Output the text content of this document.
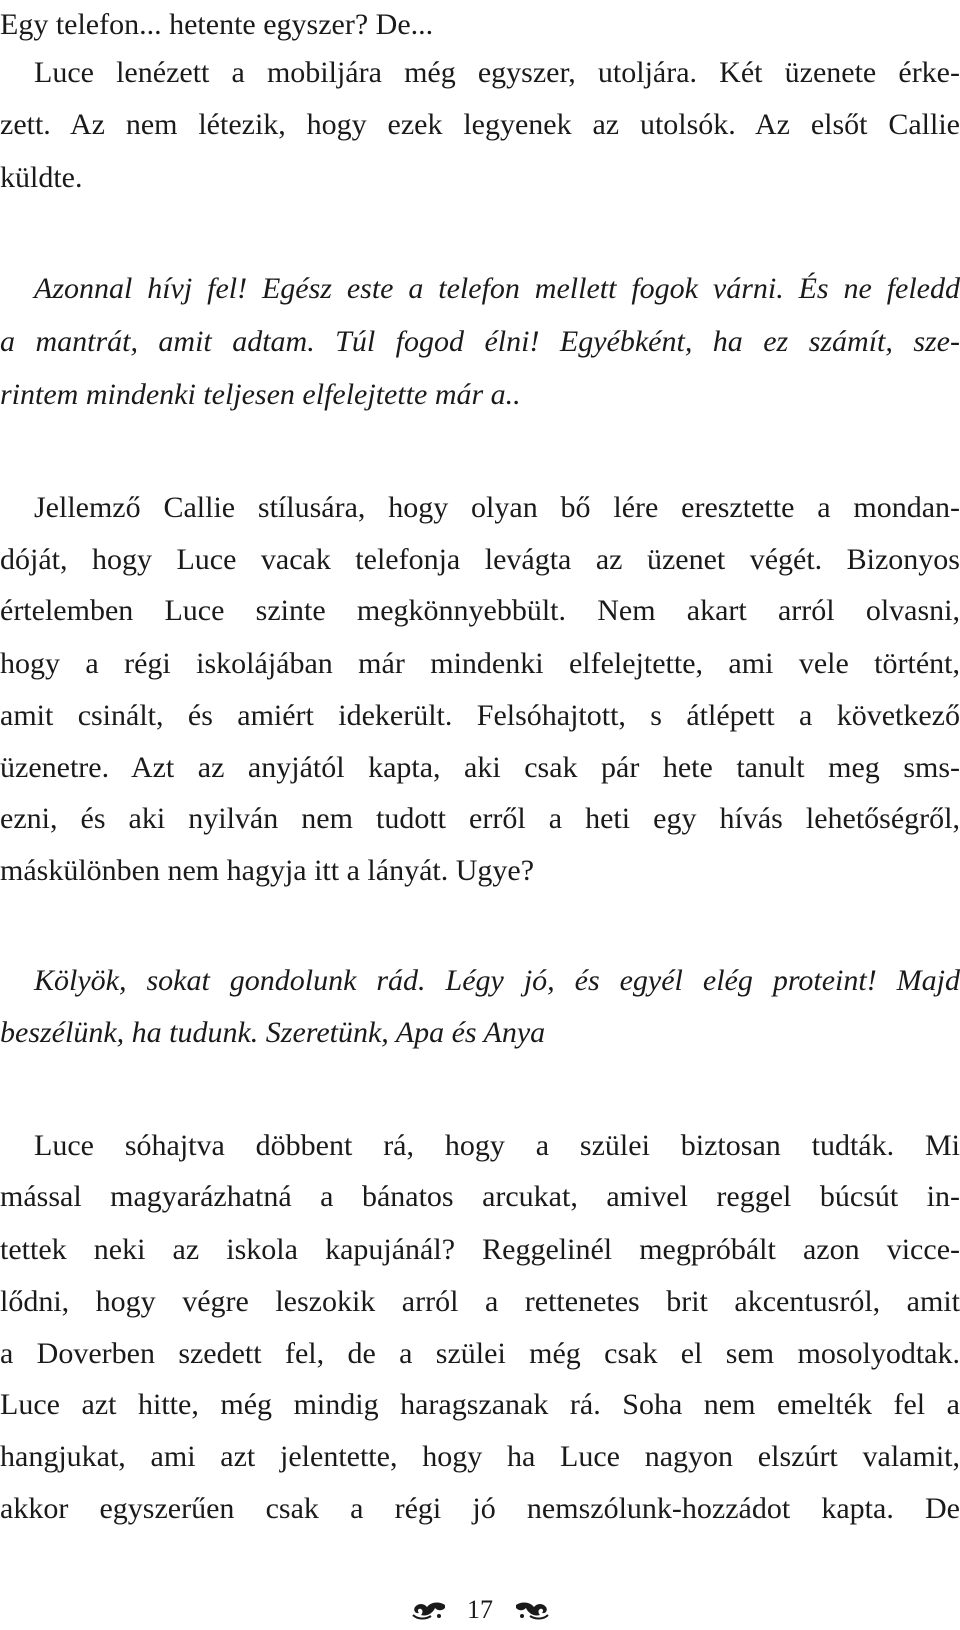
Egy telefon... hetente egyszer? De...
Luce lenézett a mobiljára még egyszer, utoljára. Két üzenete érke-
zett. Az nem létezik, hogy ezek legyenek az utolsók. Az elsőt Callie
küldte.
Azonnal hívj fel! Egész este a telefon mellett fogok várni. És ne feledd
a mantrát, amit adtam. Túl fogod élni! Egyébként, ha ez számít, sze-
rintem mindenki teljesen elfelejtette már a..
Jellemző Callie stílusára, hogy olyan bő lére eresztette a mondan-
dóját, hogy Luce vacak telefonja levágta az üzenet végét. Bizonyos
értelemben Luce szinte megkönnyebbült. Nem akart arról olvasni,
hogy a régi iskolájában már mindenki elfelejtette, ami vele történt,
amit csinált, és amiért idekerült. Felsóhajtott, s átlépett a következő
üzenetre. Azt az anyjától kapta, aki csak pár hete tanult meg sms-
ezni, és aki nyilván nem tudott erről a heti egy hívás lehetőségről,
máskülönben nem hagyja itt a lányát. Ugye?
Kölyök, sokat gondolunk rád. Légy jó, és egyél elég proteint! Majd
beszélünk, ha tudunk. Szeretünk, Apa és Anya
Luce sóhajtva döbbent rá, hogy a szülei biztosan tudták. Mi
mással magyarázhatná a bánatos arcukat, amivel reggel búcsút in-
tettek neki az iskola kapujánál? Reggelinél megpróbált azon vicce-
lődni, hogy végre leszokik arról a rettenetes brit akcentusról, amit
a Doverben szedett fel, de a szülei még csak el sem mosolyodtak.
Luce azt hitte, még mindig haragszanak rá. Soha nem emelték fel a
hangjukat, ami azt jelentette, hogy ha Luce nagyon elszúrt valamit,
akkor egyszerűen csak a régi jó nemszólunk-hozzádot kapta. De
17
